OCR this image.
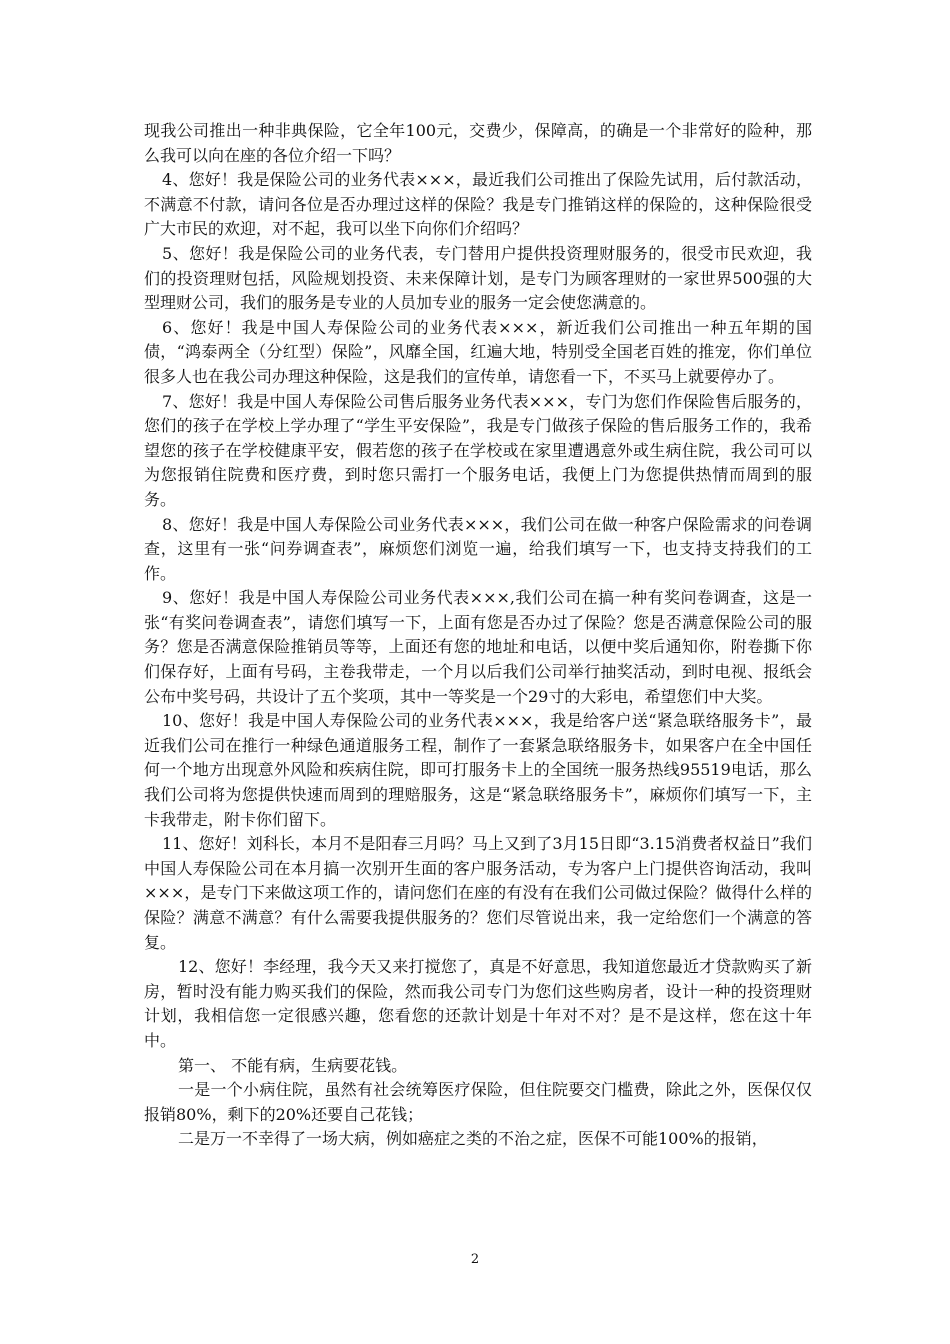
现我公司推出一种非典保险，它全年100元，交费少，保障高，的确是一个非常好的险种，那么我可以向在座的各位介绍一下吗？

4、您好！我是保险公司的业务代表×××，最近我们公司推出了保险先试用，后付款活动，不满意不付款，请问各位是否办理过这样的保险？我是专门推销这样的保险的，这种保险很受广大市民的欢迎，对不起，我可以坐下向你们介绍吗？

5、您好！我是保险公司的业务代表，专门替用户提供投资理财服务的，很受市民欢迎，我们的投资理财包括，风险规划投资、未来保障计划，是专门为顾客理财的一家世界500强的大型理财公司，我们的服务是专业的人员加专业的服务一定会使您满意的。

6、您好！我是中国人寿保险公司的业务代表×××，新近我们公司推出一种五年期的国债，“鸿泰两全（分红型）保险”，风靡全国，红遍大地，特别受全国老百姓的推宠，你们单位很多人也在我公司办理这种保险，这是我们的宣传单，请您看一下，不买马上就要停办了。

7、您好！我是中国人寿保险公司售后服务业务代表×××，专门为您们作保险售后服务的，您们的孩子在学校上学办理了“学生平安保险”，我是专门做孩子保险的售后服务工作的，我希望您的孩子在学校健康平安，假若您的孩子在学校或在家里遭遇意外或生病住院，我公司可以为您报销住院费和医疗费，到时您只需打一个服务电话，我便上门为您提供热情而周到的服务。

8、您好！我是中国人寿保险公司业务代表×××，我们公司在做一种客户保险需求的问卷调查，这里有一张“问券调查表”，麻烦您们浏览一遍，给我们填写一下，也支持支持我们的工作。

9、您好！我是中国人寿保险公司业务代表×××,我们公司在搞一种有奖问卷调查，这是一张“有奖问卷调查表”，请您们填写一下，上面有您是否办过了保险？您是否满意保险公司的服务？您是否满意保险推销员等等，上面还有您的地址和电话，以便中奖后通知你，附卷撕下你们保存好，上面有号码，主卷我带走，一个月以后我们公司举行抽奖活动，到时电视、报纸会公布中奖号码，共设计了五个奖项，其中一等奖是一个29寸的大彩电，希望您们中大奖。

10、您好！我是中国人寿保险公司的业务代表×××，我是给客户送“紧急联络服务卡”，最近我们公司在推行一种绿色通道服务工程，制作了一套紧急联络服务卡，如果客户在全中国任何一个地方出现意外风险和疾病住院，即可打服务卡上的全国统一服务热线95519电话，那么我们公司将为您提供快速而周到的理赔服务，这是“紧急联络服务卡”，麻烦你们填写一下，主卡我带走，附卡你们留下。

11、您好！刘科长，本月不是阳春三月吗？马上又到了3月15日即“3.15消费者权益日”我们中国人寿保险公司在本月搞一次别开生面的客户服务活动，专为客户上门提供咨询活动，我叫×××，是专门下来做这项工作的，请问您们在座的有没有在我们公司做过保险？做得什么样的保险？满意不满意？有什么需要我提供服务的？您们尽管说出来，我一定给您们一个满意的答复。

12、您好！李经理，我今天又来打搅您了，真是不好意思，我知道您最近才贷款购买了新房，暂时没有能力购买我们的保险，然而我公司专门为您们这些购房者，设计一种的投资理财计划，我相信您一定很感兴趣，您看您的还款计划是十年对不对？是不是这样，您在这十年中。

第一、 不能有病，生病要花钱。

一是一个小病住院，虽然有社会统筹医疗保险，但住院要交门槛费，除此之外，医保仅仅报销80%，剩下的20%还要自己花钱；

二是万一不幸得了一场大病，例如癌症之类的不治之症，医保不可能100%的报销，

2
